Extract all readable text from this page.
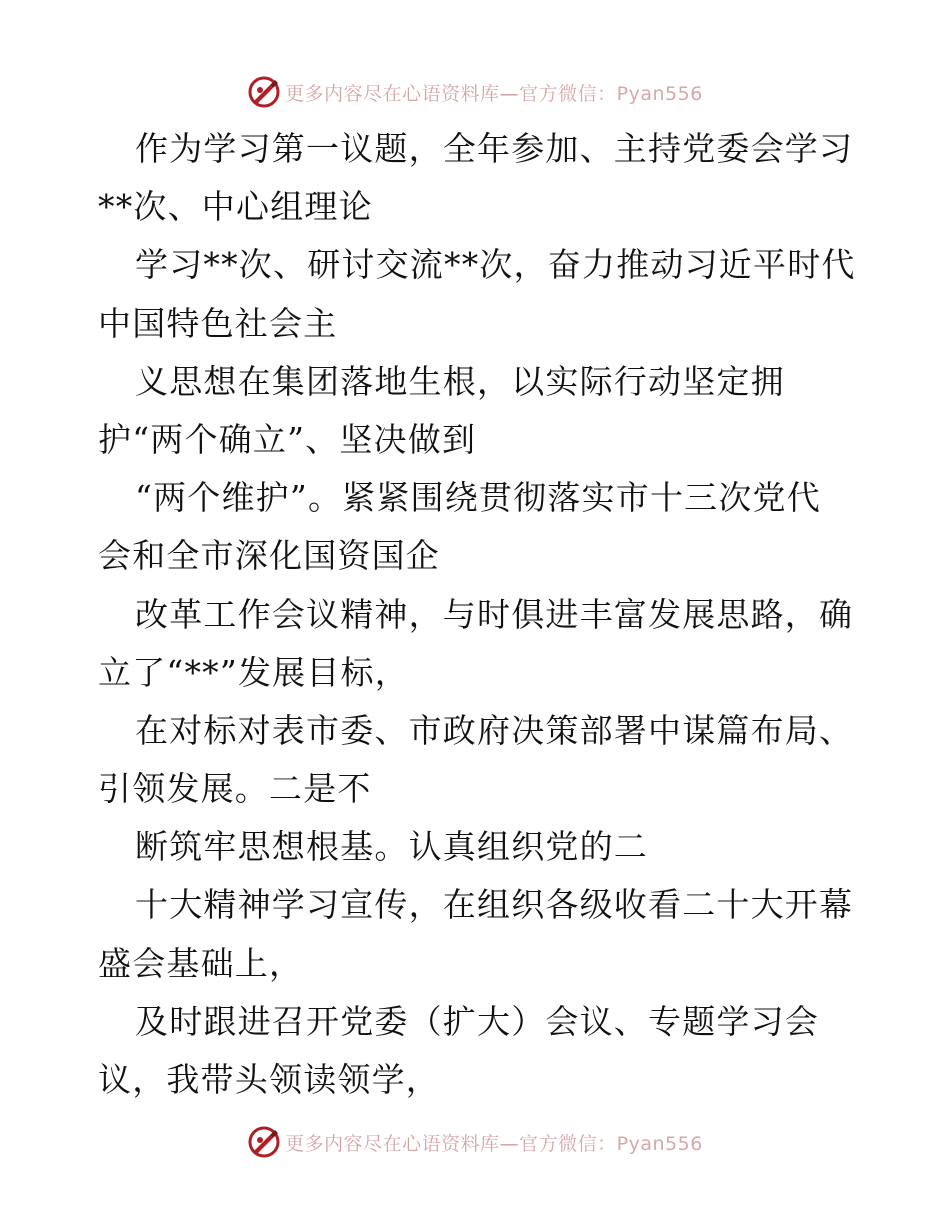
更多内容尽在心语资料库—官方微信：Pyan556
作为学习第一议题，全年参加、主持党委会学习
**次、中心组理论
学习**次、研讨交流**次，奋力推动习近平时代
中国特色社会主
义思想在集团落地生根，以实际行动坚定拥
护“两个确立”、坚决做到
“两个维护”。紧紧围绕贯彻落实市十三次党代
会和全市深化国资国企
改革工作会议精神，与时俱进丰富发展思路，确
立了“**”发展目标，
在对标对表市委、市政府决策部署中谋篇布局、
引领发展。二是不
断筑牢思想根基。认真组织党的二
十大精神学习宣传，在组织各级收看二十大开幕
盛会基础上，
及时跟进召开党委（扩大）会议、专题学习会
议，我带头领读领学，
更多内容尽在心语资料库—官方微信：Pyan556
